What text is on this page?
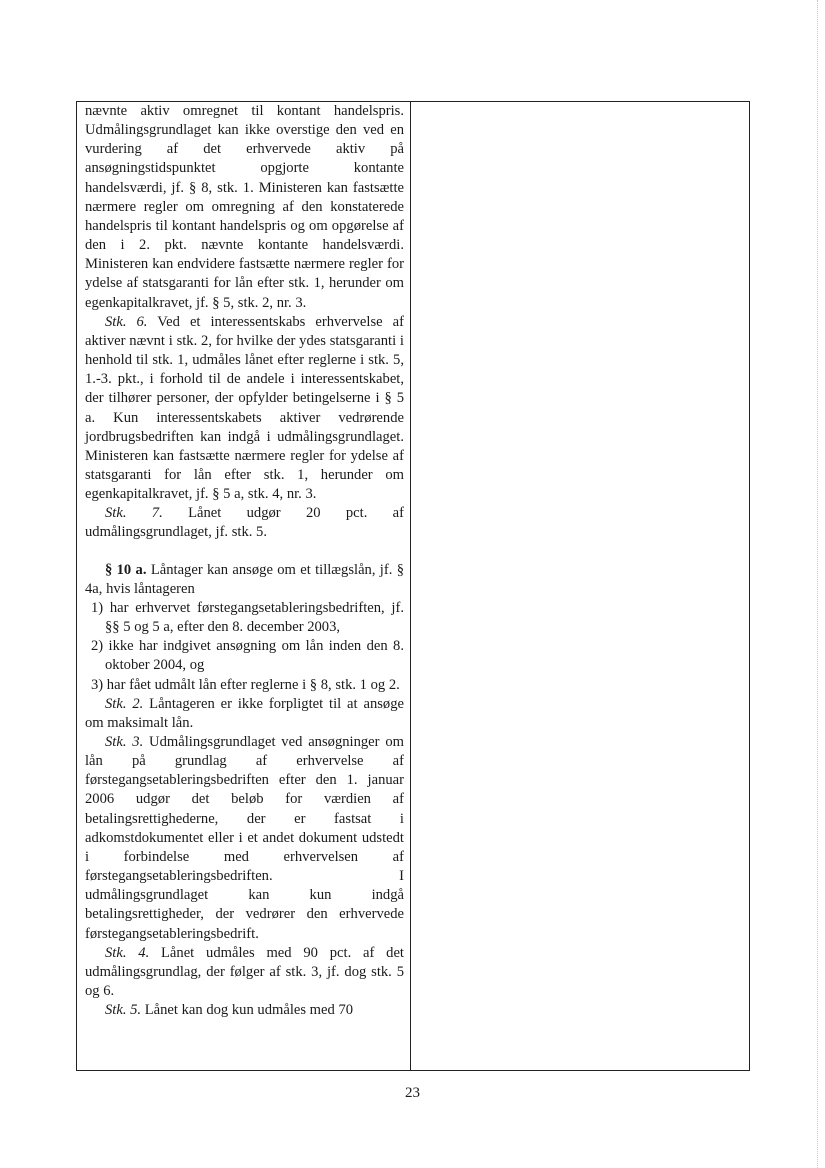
nævnte aktiv omregnet til kontant handelspris. Udmålingsgrundlaget kan ikke overstige den ved en vurdering af det erhvervede aktiv på ansøgningstidspunktet opgjorte kontante handelsværdi, jf. § 8, stk. 1. Ministeren kan fastsætte nærmere regler om omregning af den konstaterede handelspris til kontant handelspris og om opgørelse af den i 2. pkt. nævnte kontante handelsværdi. Ministeren kan endvidere fastsætte nærmere regler for ydelse af statsgaranti for lån efter stk. 1, herunder om egenkapitalkravet, jf. § 5, stk. 2, nr. 3.

Stk. 6. Ved et interessentskabs erhvervelse af aktiver nævnt i stk. 2, for hvilke der ydes statsgaranti i henhold til stk. 1, udmåles lånet efter reglerne i stk. 5, 1.-3. pkt., i forhold til de andele i interessentskabet, der tilhører personer, der opfylder betingelserne i § 5 a. Kun interessentskabets aktiver vedrørende jordbrugsbedriften kan indgå i udmålingsgrundlaget. Ministeren kan fastsætte nærmere regler for ydelse af statsgaranti for lån efter stk. 1, herunder om egenkapitalkravet, jf. § 5 a, stk. 4, nr. 3.

Stk. 7. Lånet udgør 20 pct. af udmålingsgrundlaget, jf. stk. 5.

§ 10 a. Låntager kan ansøge om et tillægslån, jf. § 4a, hvis låntageren

1) har erhvervet førstegangsetableringsbedriften, jf. §§ 5 og 5 a, efter den 8. december 2003,

2) ikke har indgivet ansøgning om lån inden den 8. oktober 2004, og

3) har fået udmålt lån efter reglerne i § 8, stk. 1 og 2.

Stk. 2. Låntageren er ikke forpligtet til at ansøge om maksimalt lån.

Stk. 3. Udmålingsgrundlaget ved ansøgninger om lån på grundlag af erhvervelse af førstegangsetableringsbedriften efter den 1. januar 2006 udgør det beløb for værdien af betalingsrettighederne, der er fastsat i adkomstdokumentet eller i et andet dokument udstedt i forbindelse med erhvervelsen af førstegangsetableringsbedriften. I udmålingsgrundlaget kan kun indgå betalingsrettigheder, der vedrører den erhvervede førstegangsetableringsbedrift.

Stk. 4. Lånet udmåles med 90 pct. af det udmålingsgrundlag, der følger af stk. 3, jf. dog stk. 5 og 6.

Stk. 5. Lånet kan dog kun udmåles med 70

23
